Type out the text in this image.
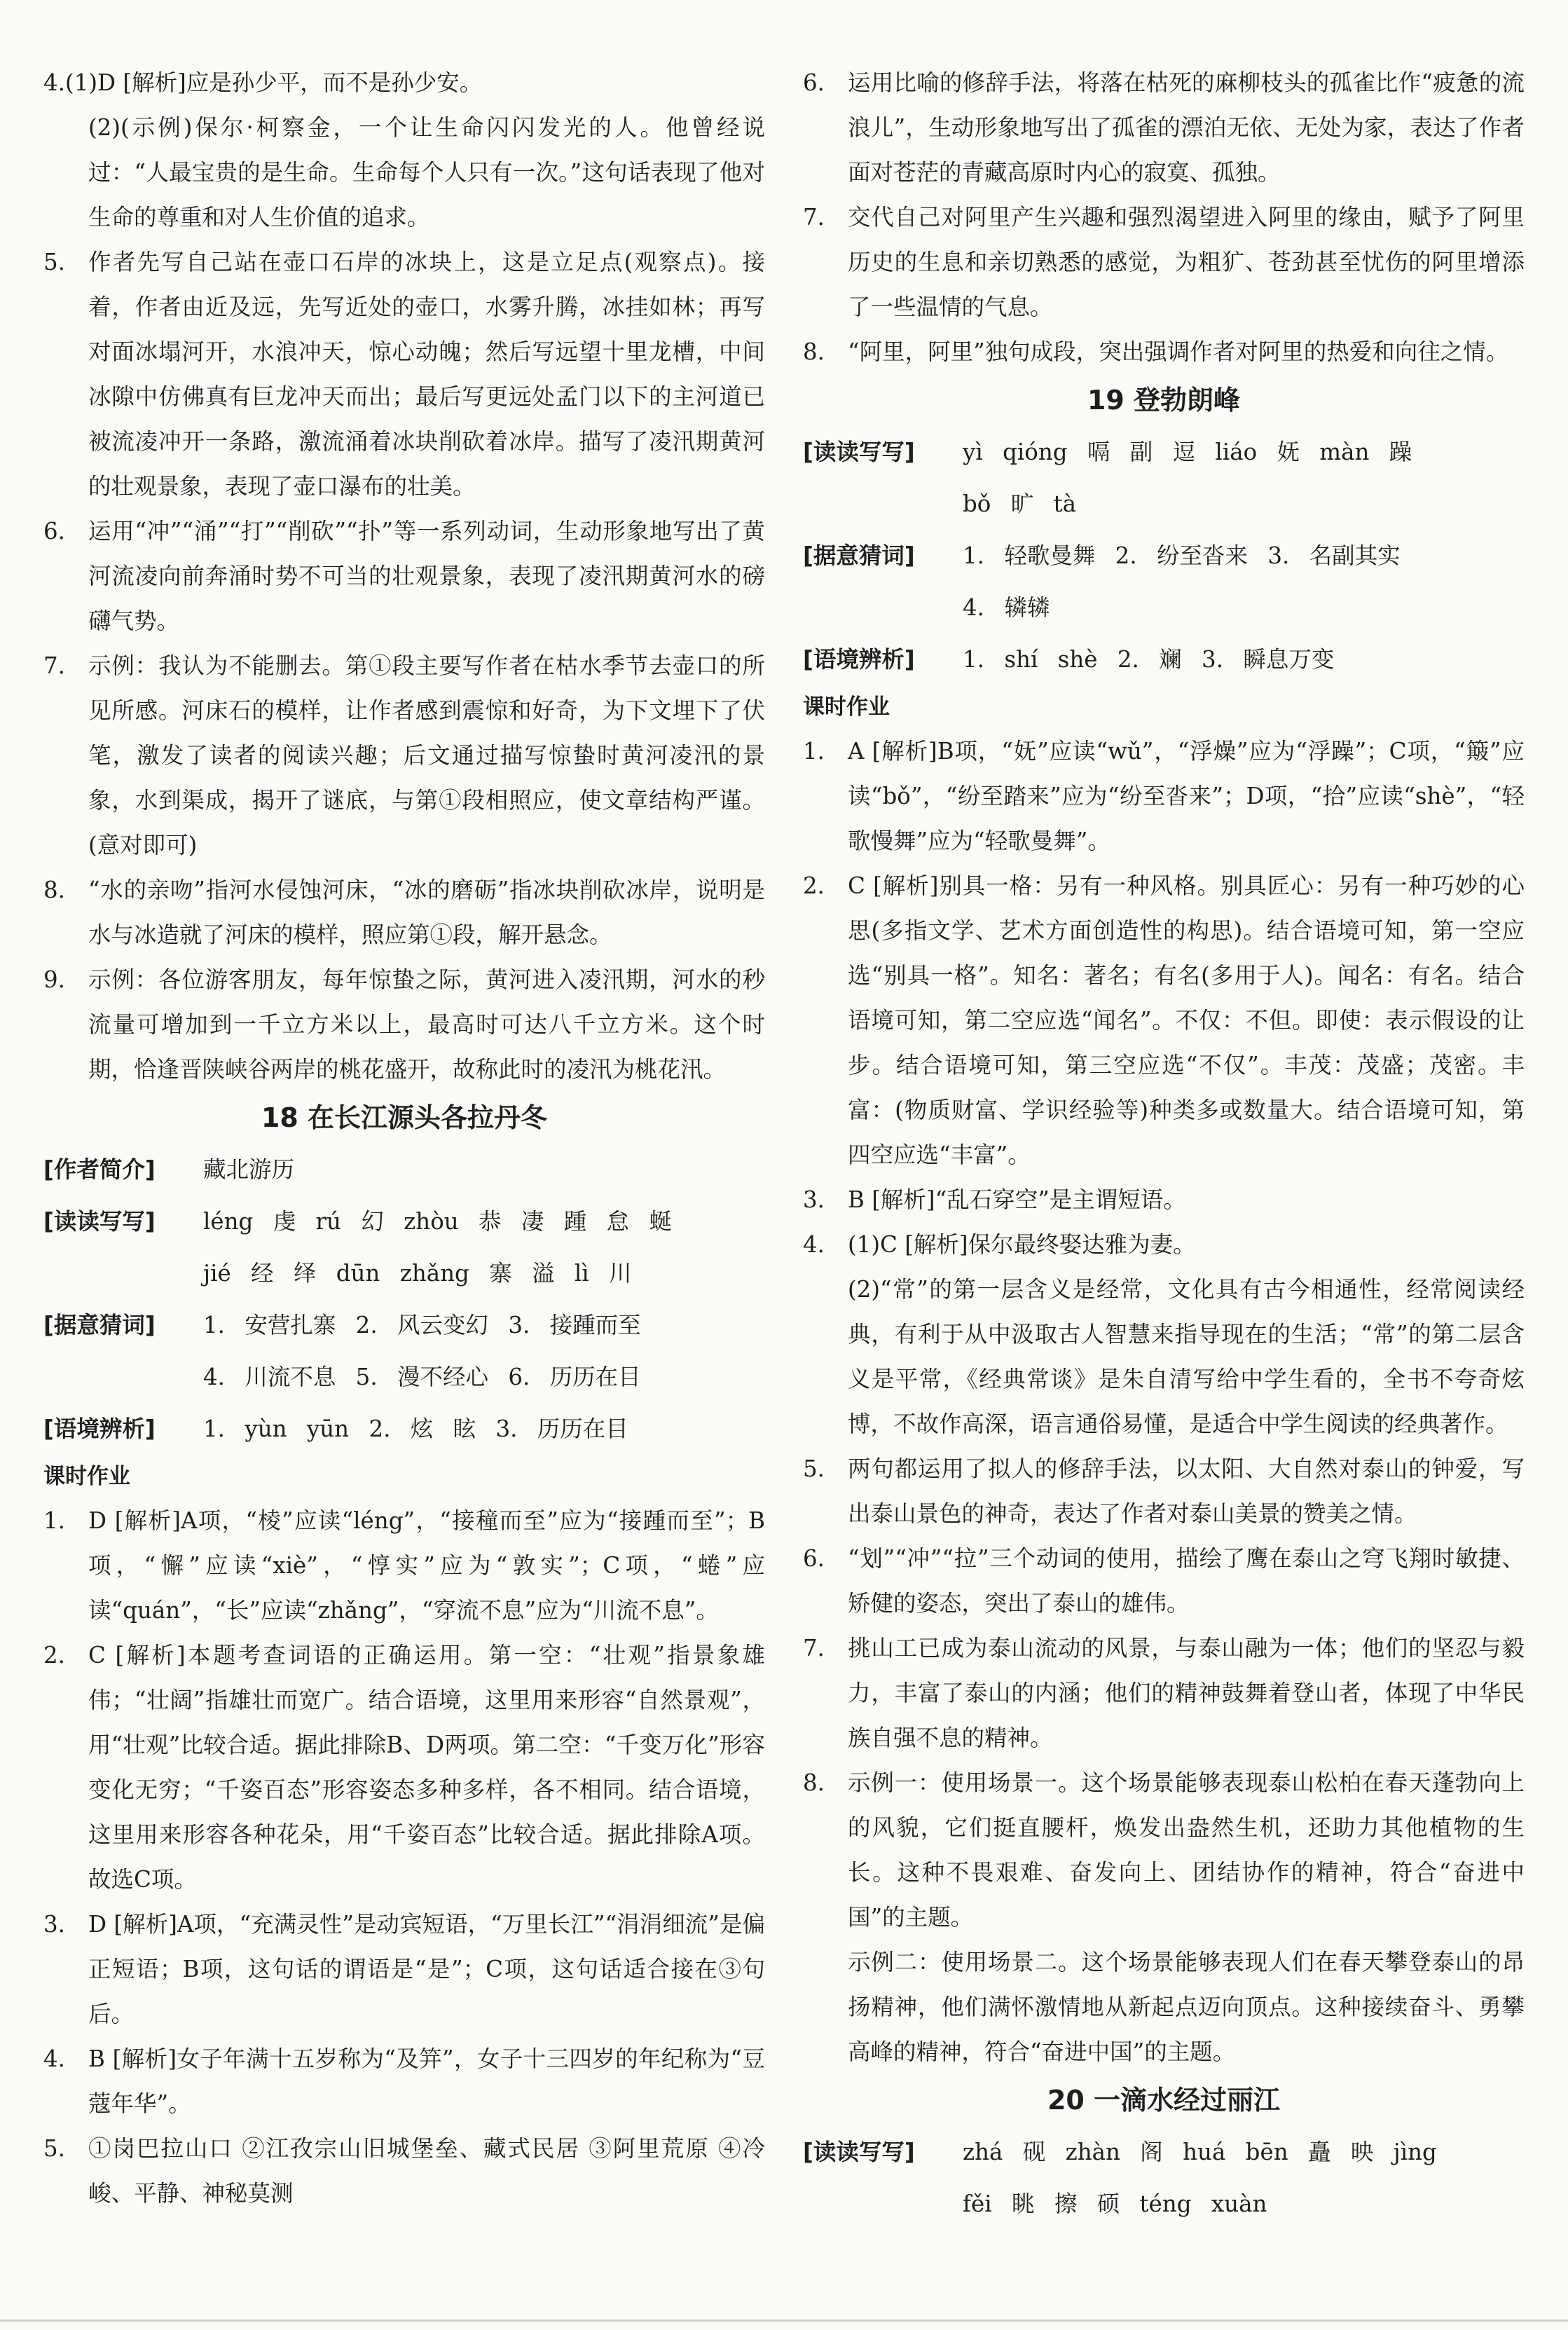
4.(1)D [解析]应是孙少平，而不是孙少安。

(2)(示例)保尔·柯察金，一个让生命闪闪发光的人。他曾经说过：“人最宝贵的是生命。生命每个人只有一次。”这句话表现了他对生命的尊重和对人生价值的追求。

5.	作者先写自己站在壶口石岸的冰块上，这是立足点(观察点)。接着，作者由近及远，先写近处的壶口，水雾升腾，冰挂如林；再写对面冰塌河开，水浪冲天，惊心动魄；然后写远望十里龙槽，中间冰隙中仿佛真有巨龙冲天而出；最后写更远处孟门以下的主河道已被流凌冲开一条路，激流涌着冰块削砍着冰岸。描写了凌汛期黄河的壮观景象，表现了壶口瀑布的壮美。
6.	运用“冲”“涌”“打”“削砍”“扑”等一系列动词，生动形象地写出了黄河流凌向前奔涌时势不可当的壮观景象，表现了凌汛期黄河水的磅礴气势。
7.	示例：我认为不能删去。第①段主要写作者在枯水季节去壶口的所见所感。河床石的模样，让作者感到震惊和好奇，为下文埋下了伏笔，激发了读者的阅读兴趣；后文通过描写惊蛰时黄河凌汛的景象，水到渠成，揭开了谜底，与第①段相照应，使文章结构严谨。(意对即可)
8.	“水的亲吻”指河水侵蚀河床，“冰的磨砺”指冰块削砍冰岸，说明是水与冰造就了河床的模样，照应第①段，解开悬念。
9.	示例：各位游客朋友，每年惊蛰之际，黄河进入凌汛期，河水的秒流量可增加到一千立方米以上，最高时可达八千立方米。这个时期，恰逢晋陕峡谷两岸的桃花盛开，故称此时的凌汛为桃花汛。

18 在长江源头各拉丹冬

[作者简介]	藏北游历
[读读写写]	léng 虔 rú 幻 zhòu 恭 凄 踵 怠 蜒
jié 经 绎 dūn zhǎng 寨 溢 lì 川
[据意猜词]	1. 安营扎寨 2. 风云变幻 3. 接踵而至
4. 川流不息 5. 漫不经心 6. 历历在目
[语境辨析]	1. yùn yūn 2. 炫 眩 3. 历历在目

课时作业

1.	D [解析]A项，“棱”应读“léng”，“接穜而至”应为“接踵而至”；B项，“懈”应读“xiè”，“惇实”应为“敦实”；C项，“蜷”应读“quán”，“长”应读“zhǎng”，“穿流不息”应为“川流不息”。
2.	C [解析]本题考查词语的正确运用。第一空：“壮观”指景象雄伟；“壮阔”指雄壮而宽广。结合语境，这里用来形容“自然景观”，用“壮观”比较合适。据此排除B、D两项。第二空：“千变万化”形容变化无穷；“千姿百态”形容姿态多种多样，各不相同。结合语境，这里用来形容各种花朵，用“千姿百态”比较合适。据此排除A项。故选C项。
3.	D [解析]A项，“充满灵性”是动宾短语，“万里长江”“涓涓细流”是偏正短语；B项，这句话的谓语是“是”；C项，这句话适合接在③句后。
4.	B [解析]女子年满十五岁称为“及笄”，女子十三四岁的年纪称为“豆蔻年华”。
5.	①岗巴拉山口 ②江孜宗山旧城堡垒、藏式民居 ③阿里荒原 ④冷峻、平静、神秘莫测
6.	运用比喻的修辞手法，将落在枯死的麻柳枝头的孤雀比作“疲惫的流浪儿”，生动形象地写出了孤雀的漂泊无依、无处为家，表达了作者面对苍茫的青藏高原时内心的寂寞、孤独。
7.	交代自己对阿里产生兴趣和强烈渴望进入阿里的缘由，赋予了阿里历史的生息和亲切熟悉的感觉，为粗犷、苍劲甚至忧伤的阿里增添了一些温情的气息。
8.	“阿里，阿里”独句成段，突出强调作者对阿里的热爱和向往之情。

19 登勃朗峰

[读读写写]	yì qióng 嗝 副 逗 liáo 妩 màn 躁
bǒ 旷 tà
[据意猜词]	1. 轻歌曼舞 2. 纷至沓来 3. 名副其实
4. 辚辚
[语境辨析]	1. shí shè 2. 斓 3. 瞬息万变

课时作业

1.	A [解析]B项，“妩”应读“wǔ”，“浮燥”应为“浮躁”；C项，“簸”应读“bǒ”，“纷至踏来”应为“纷至沓来”；D项，“拾”应读“shè”，“轻歌慢舞”应为“轻歌曼舞”。
2.	C [解析]别具一格：另有一种风格。别具匠心：另有一种巧妙的心思(多指文学、艺术方面创造性的构思)。结合语境可知，第一空应选“别具一格”。知名：著名；有名(多用于人)。闻名：有名。结合语境可知，第二空应选“闻名”。不仅：不但。即使：表示假设的让步。结合语境可知，第三空应选“不仅”。丰茂：茂盛；茂密。丰富：(物质财富、学识经验等)种类多或数量大。结合语境可知，第四空应选“丰富”。
3.	B [解析]“乱石穿空”是主谓短语。
4.	(1)C [解析]保尔最终娶达雅为妻。

(2)“常”的第一层含义是经常，文化具有古今相通性，经常阅读经典，有利于从中汲取古人智慧来指导现在的生活；“常”的第二层含义是平常，《经典常谈》是朱自清写给中学生看的，全书不夸奇炫博，不故作高深，语言通俗易懂，是适合中学生阅读的经典著作。

5.	两句都运用了拟人的修辞手法，以太阳、大自然对泰山的钟爱，写出泰山景色的神奇，表达了作者对泰山美景的赞美之情。
6.	“划”“冲”“拉”三个动词的使用，描绘了鹰在泰山之穹飞翔时敏捷、矫健的姿态，突出了泰山的雄伟。
7.	挑山工已成为泰山流动的风景，与泰山融为一体；他们的坚忍与毅力，丰富了泰山的内涵；他们的精神鼓舞着登山者，体现了中华民族自强不息的精神。
8.	示例一：使用场景一。这个场景能够表现泰山松柏在春天蓬勃向上的风貌，它们挺直腰杆，焕发出盎然生机，还助力其他植物的生长。这种不畏艰难、奋发向上、团结协作的精神，符合“奋进中国”的主题。

示例二：使用场景二。这个场景能够表现人们在春天攀登泰山的昂扬精神，他们满怀激情地从新起点迈向顶点。这种接续奋斗、勇攀高峰的精神，符合“奋进中国”的主题。

20 一滴水经过丽江

[读读写写]	zhá 砚 zhàn 阁 huá bēn 矗 映 jìng
fěi 眺 擦 硕 téng xuàn
